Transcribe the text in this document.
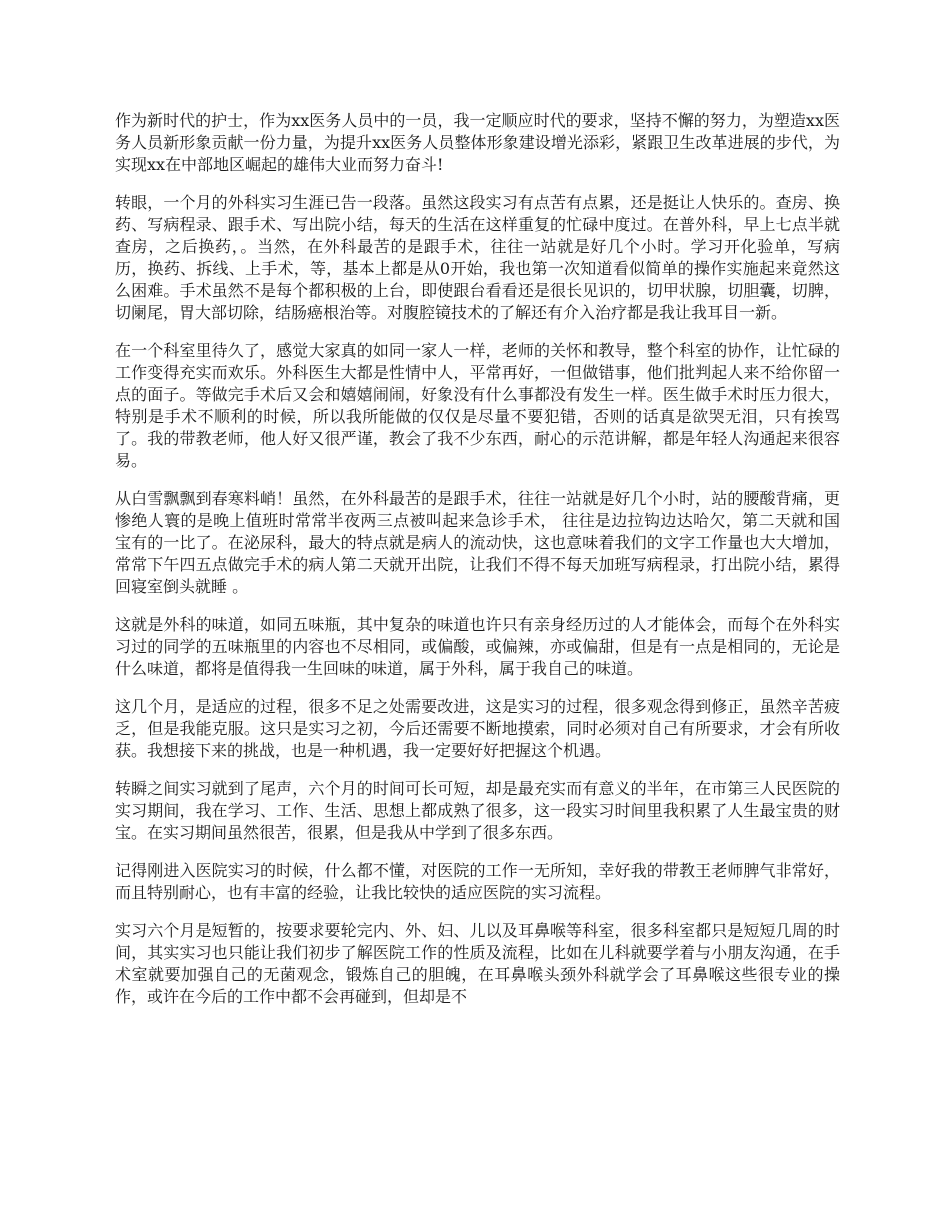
作为新时代的护士，作为xx医务人员中的一员，我一定顺应时代的要求，坚持不懈的努力，为塑造xx医务人员新形象贡献一份力量，为提升xx医务人员整体形象建设增光添彩，紧跟卫生改革进展的步代，为实现xx在中部地区崛起的雄伟大业而努力奋斗!

转眼，一个月的外科实习生涯已告一段落。虽然这段实习有点苦有点累，还是挺让人快乐的。查房、换药、写病程录、跟手术、写出院小结，每天的生活在这样重复的忙碌中度过。在普外科，早上七点半就查房，之后换药，。当然，在外科最苦的是跟手术，往往一站就是好几个小时。学习开化验单，写病历，换药、拆线、上手术，等，基本上都是从0开始，我也第一次知道看似简单的操作实施起来竟然这么困难。手术虽然不是每个都积极的上台，即使跟台看看还是很长见识的，切甲状腺，切胆囊，切脾，切阑尾，胃大部切除，结肠癌根治等。对腹腔镜技术的了解还有介入治疗都是我让我耳目一新。

在一个科室里待久了，感觉大家真的如同一家人一样，老师的关怀和教导，整个科室的协作，让忙碌的工作变得充实而欢乐。外科医生大都是性情中人，平常再好，一但做错事，他们批判起人来不给你留一点的面子。等做完手术后又会和嬉嬉闹闹，好象没有什么事都没有发生一样。医生做手术时压力很大，特别是手术不顺利的时候，所以我所能做的仅仅是尽量不要犯错，否则的话真是欲哭无泪，只有挨骂了。我的带教老师，他人好又很严谨，教会了我不少东西，耐心的示范讲解，都是年轻人沟通起来很容易。

从白雪飘飘到春寒料峭！虽然，在外科最苦的是跟手术，往往一站就是好几个小时，站的腰酸背痛，更惨绝人寰的是晚上值班时常常半夜两三点被叫起来急诊手术， 往往是边拉钩边达哈欠，第二天就和国宝有的一比了。在泌尿科，最大的特点就是病人的流动快，这也意味着我们的文字工作量也大大增加，常常下午四五点做完手术的病人第二天就开出院，让我们不得不每天加班写病程录，打出院小结，累得回寝室倒头就睡 。

这就是外科的味道，如同五味瓶，其中复杂的味道也许只有亲身经历过的人才能体会，而每个在外科实习过的同学的五味瓶里的内容也不尽相同，或偏酸，或偏辣，亦或偏甜，但是有一点是相同的，无论是什么味道，都将是值得我一生回味的味道，属于外科，属于我自己的味道。

这几个月，是适应的过程，很多不足之处需要改进，这是实习的过程，很多观念得到修正，虽然辛苦疲乏，但是我能克服。这只是实习之初，今后还需要不断地摸索，同时必须对自己有所要求，才会有所收获。我想接下来的挑战，也是一种机遇，我一定要好好把握这个机遇。

转瞬之间实习就到了尾声，六个月的时间可长可短，却是最充实而有意义的半年，在市第三人民医院的实习期间，我在学习、工作、生活、思想上都成熟了很多，这一段实习时间里我积累了人生最宝贵的财宝。在实习期间虽然很苦，很累，但是我从中学到了很多东西。

记得刚进入医院实习的时候，什么都不懂，对医院的工作一无所知，幸好我的带教王老师脾气非常好，而且特别耐心，也有丰富的经验，让我比较快的适应医院的实习流程。

实习六个月是短暂的，按要求要轮完内、外、妇、儿以及耳鼻喉等科室，很多科室都只是短短几周的时间，其实实习也只能让我们初步了解医院工作的性质及流程，比如在儿科就要学着与小朋友沟通，在手术室就要加强自己的无菌观念，锻炼自己的胆魄，在耳鼻喉头颈外科就学会了耳鼻喉这些很专业的操作，或许在今后的工作中都不会再碰到，但却是不
